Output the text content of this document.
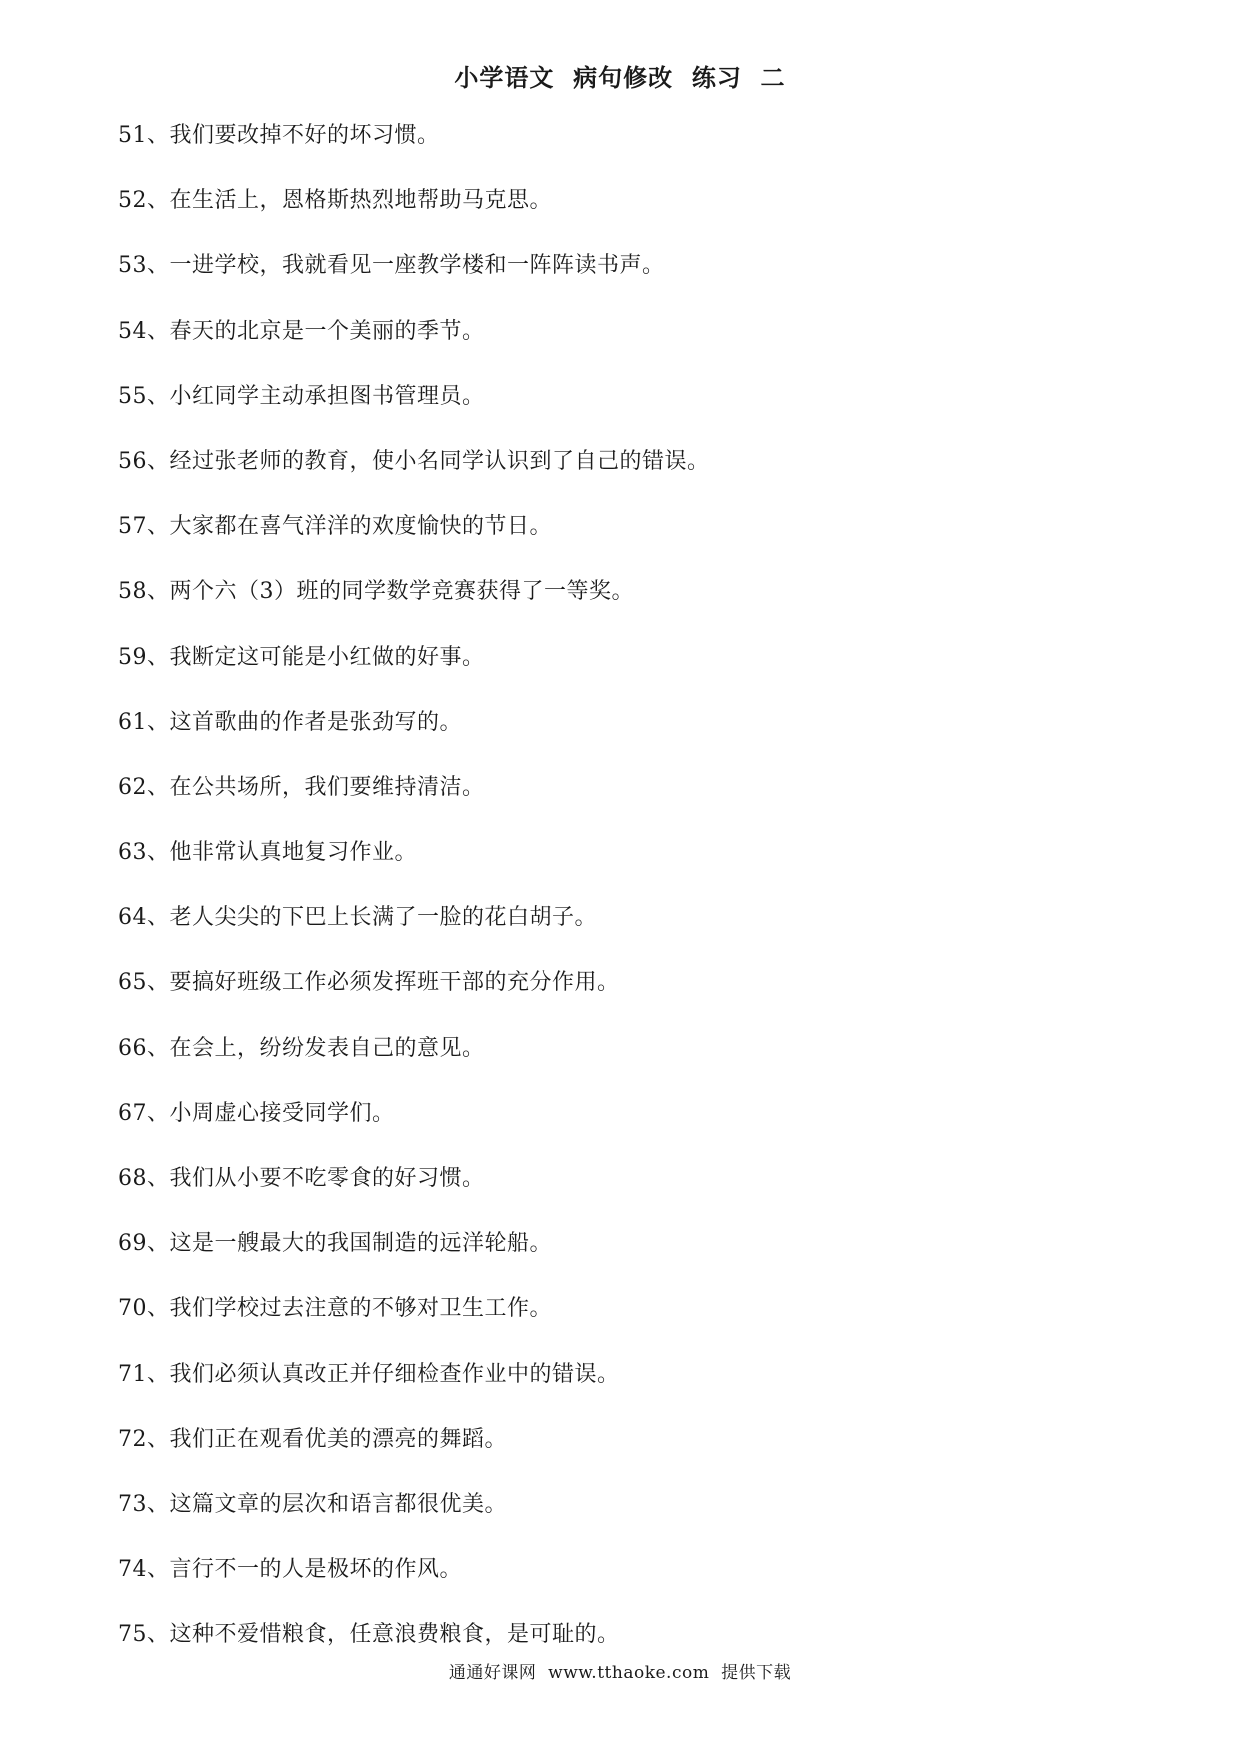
小学语文  病句修改  练习  二
51、我们要改掉不好的坏习惯。
52、在生活上，恩格斯热烈地帮助马克思。
53、一进学校，我就看见一座教学楼和一阵阵读书声。
54、春天的北京是一个美丽的季节。
55、小红同学主动承担图书管理员。
56、经过张老师的教育，使小名同学认识到了自己的错误。
57、大家都在喜气洋洋的欢度愉快的节日。
58、两个六（3）班的同学数学竞赛获得了一等奖。
59、我断定这可能是小红做的好事。
61、这首歌曲的作者是张劲写的。
62、在公共场所，我们要维持清洁。
63、他非常认真地复习作业。
64、老人尖尖的下巴上长满了一脸的花白胡子。
65、要搞好班级工作必须发挥班干部的充分作用。
66、在会上，纷纷发表自己的意见。
67、小周虚心接受同学们。
68、我们从小要不吃零食的好习惯。
69、这是一艘最大的我国制造的远洋轮船。
70、我们学校过去注意的不够对卫生工作。
71、我们必须认真改正并仔细检查作业中的错误。
72、我们正在观看优美的漂亮的舞蹈。
73、这篇文章的层次和语言都很优美。
74、言行不一的人是极坏的作风。
75、这种不爱惜粮食，任意浪费粮食，是可耻的。
通通好课网  www.tthaoke.com  提供下载
